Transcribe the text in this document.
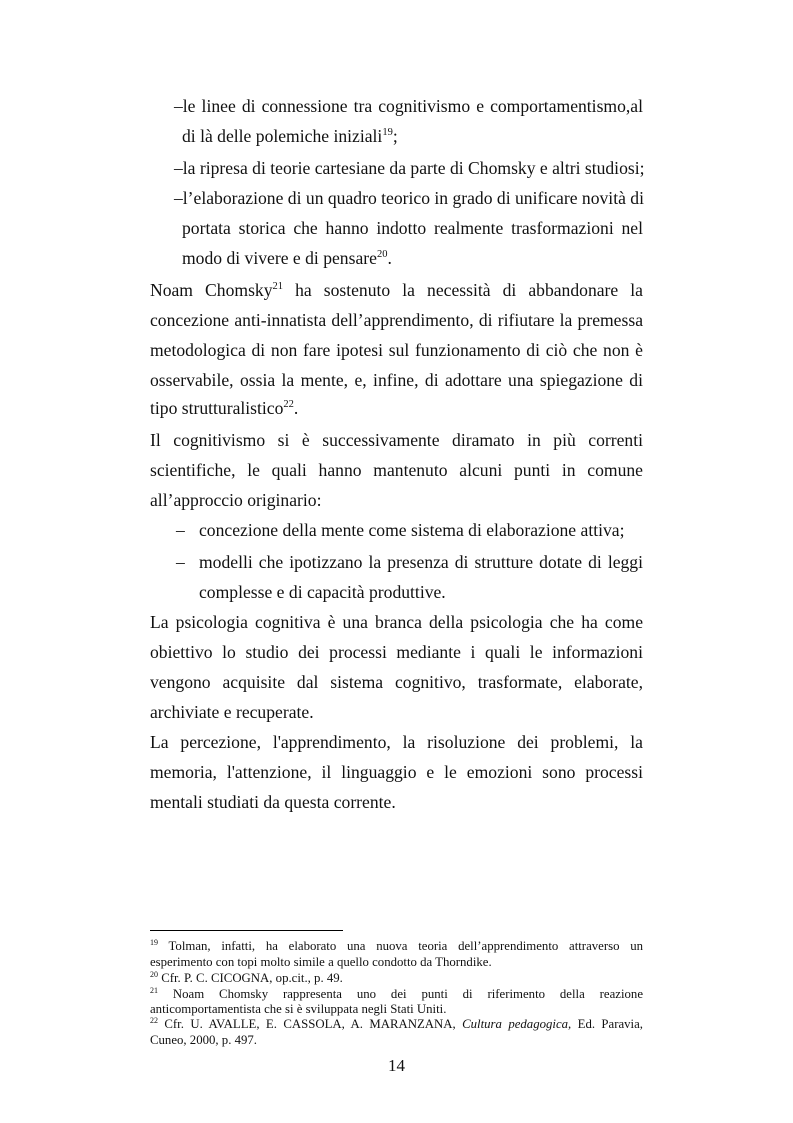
–le linee di connessione tra cognitivismo e comportamentismo,al
di là delle polemiche iniziali$^{19}$;
–la ripresa di teorie cartesiane da parte di Chomsky e altri studiosi;
–l’elaborazione di un quadro teorico in grado di unificare novità di
portata storica che hanno indotto realmente trasformazioni nel
modo di vivere e di pensare$^{20}$.
Noam Chomsky$^{21}$ ha sostenuto la necessità di abbandonare la
concezione anti-innatista dell’apprendimento, di rifiutare la premessa
metodologica di non fare ipotesi sul funzionamento di ciò che non è
osservabile, ossia la mente, e, infine, di adottare una spiegazione di
tipo strutturalistico$^{22}$.
Il cognitivismo si è successivamente diramato in più correnti
scientifiche, le quali hanno mantenuto alcuni punti in comune
all’approccio originario:
– concezione della mente come sistema di elaborazione attiva;
– modelli che ipotizzano la presenza di strutture dotate di leggi
complesse e di capacità produttive.
La psicologia cognitiva è una branca della psicologia che ha come
obiettivo lo studio dei processi mediante i quali le informazioni
vengono acquisite dal sistema cognitivo, trasformate, elaborate,
archiviate e recuperate.
La percezione, l'apprendimento, la risoluzione dei problemi, la
memoria, l'attenzione, il linguaggio e le emozioni sono processi
mentali studiati da questa corrente.
$^{19}$ Tolman, infatti, ha elaborato una nuova teoria dell’apprendimento attraverso un
esperimento con topi molto simile a quello condotto da Thorndike.
$^{20}$ Cfr. P. C. CICOGNA, op.cit., p. 49.
$^{21}$ Noam Chomsky rappresenta uno dei punti di riferimento della reazione
anticomportamentista che si è sviluppata negli Stati Uniti.
$^{22}$ Cfr. U. AVALLE, E. CASSOLA, A. MARANZANA, Cultura pedagogica, Ed. Paravia,
Cuneo, 2000, p. 497.
14
